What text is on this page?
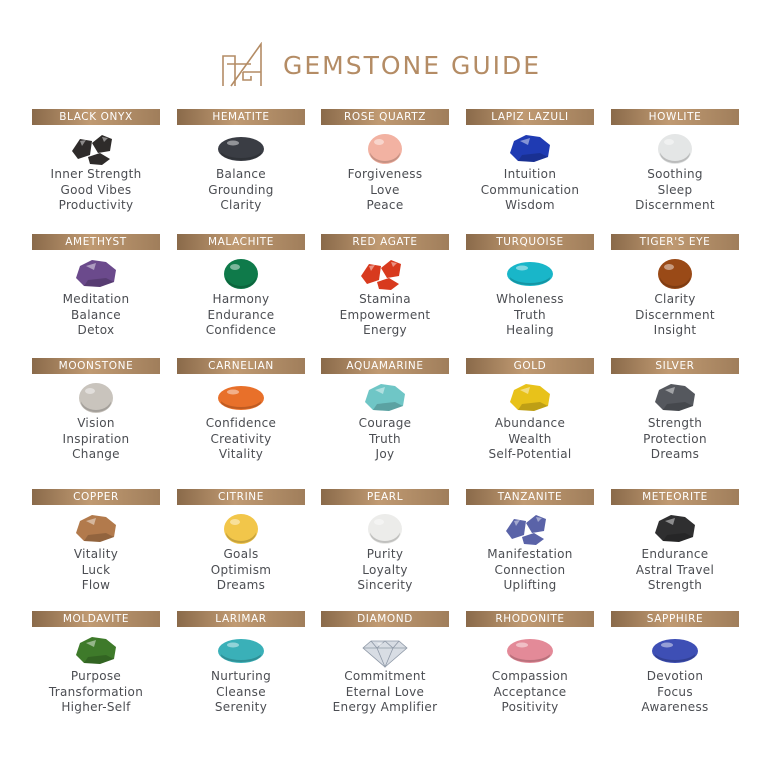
GEMSTONE GUIDE
BLACK ONYX
Inner Strength
Good Vibes
Productivity
HEMATITE
Balance
Grounding
Clarity
ROSE QUARTZ
Forgiveness
Love
Peace
LAPIZ LAZULI
Intuition
Communication
Wisdom
HOWLITE
Soothing
Sleep
Discernment
AMETHYST
Meditation
Balance
Detox
MALACHITE
Harmony
Endurance
Confidence
RED AGATE
Stamina
Empowerment
Energy
TURQUOISE
Wholeness
Truth
Healing
TIGER'S EYE
Clarity
Discernment
Insight
MOONSTONE
Vision
Inspiration
Change
CARNELIAN
Confidence
Creativity
Vitality
AQUAMARINE
Courage
Truth
Joy
GOLD
Abundance
Wealth
Self-Potential
SILVER
Strength
Protection
Dreams
COPPER
Vitality
Luck
Flow
CITRINE
Goals
Optimism
Dreams
PEARL
Purity
Loyalty
Sincerity
TANZANITE
Manifestation
Connection
Uplifting
METEORITE
Endurance
Astral Travel
Strength
MOLDAVITE
Purpose
Transformation
Higher-Self
LARIMAR
Nurturing
Cleanse
Serenity
DIAMOND
Commitment
Eternal Love
Energy Amplifier
RHODONITE
Compassion
Acceptance
Positivity
SAPPHIRE
Devotion
Focus
Awareness
